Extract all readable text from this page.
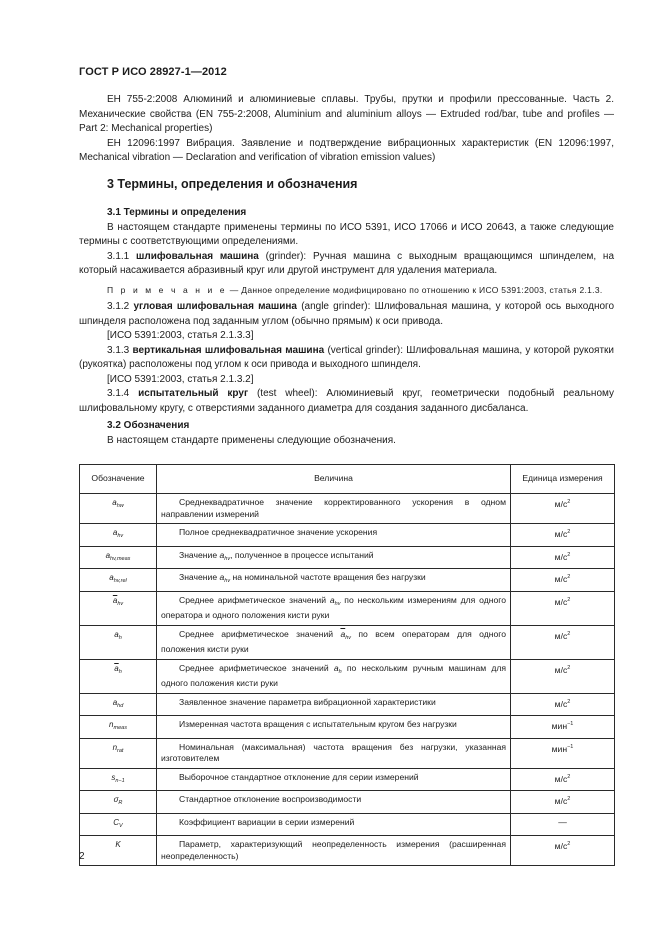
ГОСТ Р ИСО 28927-1—2012

ЕН 755-2:2008 Алюминий и алюминиевые сплавы. Трубы, прутки и профили прессованные. Часть 2. Механические свойства (EN 755-2:2008, Aluminium and aluminium alloys — Extruded rod/bar, tube and profiles — Part 2: Mechanical properties)

ЕН 12096:1997 Вибрация. Заявление и подтверждение вибрационных характеристик (EN 12096:1997, Mechanical vibration — Declaration and verification of vibration emission values)

3 Термины, определения и обозначения

3.1 Термины и определения

В настоящем стандарте применены термины по ИСО 5391, ИСО 17066 и ИСО 20643, а также следующие термины с соответствующими определениями.

3.1.1 шлифовальная машина (grinder): Ручная машина с выходным вращающимся шпинделем, на который насаживается абразивный круг или другой инструмент для удаления материала.

П р и м е ч а н и е — Данное определение модифицировано по отношению к ИСО 5391:2003, статья 2.1.3.

3.1.2 угловая шлифовальная машина (angle grinder): Шлифовальная машина, у которой ось выходного шпинделя расположена под заданным углом (обычно прямым) к оси привода.

[ИСО 5391:2003, статья 2.1.3.3]

3.1.3 вертикальная шлифовальная машина (vertical grinder): Шлифовальная машина, у которой рукоятки (рукоятка) расположены под углом к оси привода и выходного шпинделя.

[ИСО 5391:2003, статья 2.1.3.2]

3.1.4 испытательный круг (test wheel): Алюминиевый круг, геометрически подобный реальному шлифовальному кругу, с отверстиями заданного диаметра для создания заданного дисбаланса.

3.2 Обозначения

В настоящем стандарте применены следующие обозначения.

Обозначение	Величина	Единица измерения
$a_{hw}$	Среднеквадратичное значение корректированного ускорения в одном направлении измерений	$м/с^2$
$a_{hv}$	Полное среднеквадратичное значение ускорения	$м/с^2$
$a_{hv,meas}$	Значение $a_{hv}$, полученное в процессе испытаний	$м/с^2$
$a_{hv,rel}$	Значение $a_{hv}$ на номинальной частоте вращения без нагрузки	$м/с^2$
$\overline{a}_{hv}$	Среднее арифметическое значений $a_{hv}$ по нескольким измерениям для одного оператора и одного положения кисти руки	$м/с^2$
$a_h$	Среднее арифметическое значений $\overline{a}_{hv}$ по всем операторам для одного положения кисти руки	$м/с^2$
$\overline{a}_h$	Среднее арифметическое значений $a_h$ по нескольким ручным машинам для одного положения кисти руки	$м/с^2$
$a_{hd}$	Заявленное значение параметра вибрационной характеристики	$м/с^2$
$n_{meas}$	Измеренная частота вращения с испытательным кругом без нагрузки	мин$^{-1}$
$n_{rat}$	Номинальная (максимальная) частота вращения без нагрузки, указанная изготовителем	мин$^{-1}$
$s_{n-1}$	Выборочное стандартное отклонение для серии измерений	$м/с^2$
$\sigma_R$	Стандартное отклонение воспроизводимости	$м/с^2$
$C_V$	Коэффициент вариации в серии измерений	—
K	Параметр, характеризующий неопределенность измерения (расширенная неопределенность)	$м/с^2$
2
